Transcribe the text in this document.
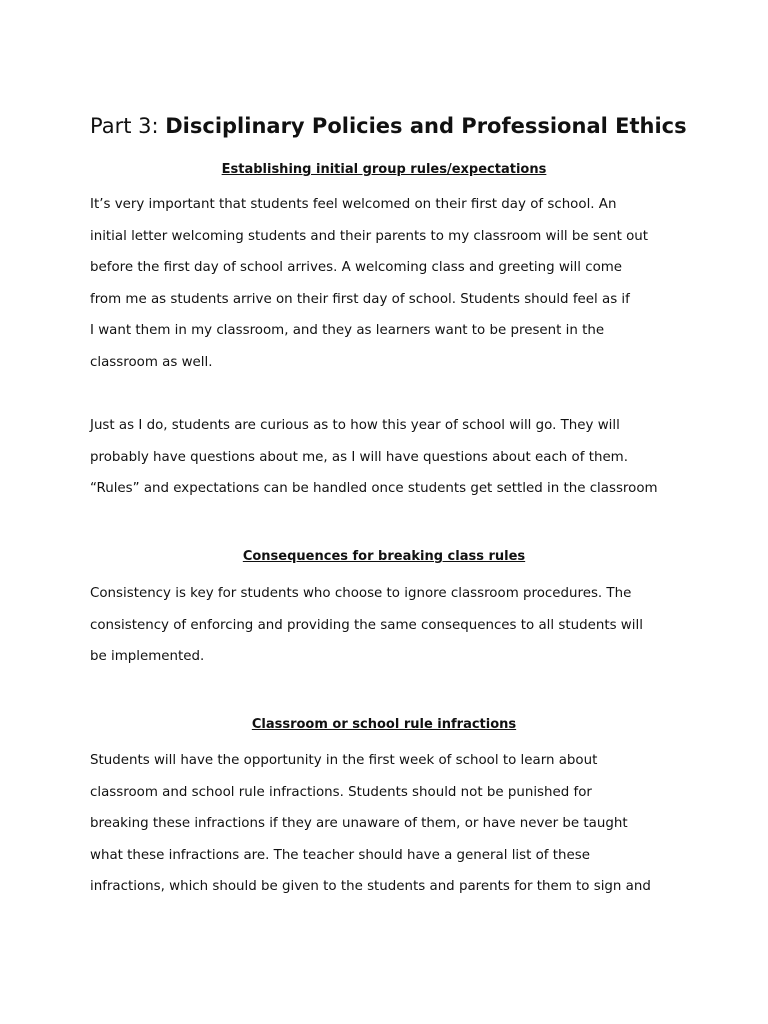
Part 3: Disciplinary Policies and Professional Ethics
Establishing initial group rules/expectations
It’s very important that students feel welcomed on their first day of school. An
initial letter welcoming students and their parents to my classroom will be sent out
before the first day of school arrives. A welcoming class and greeting will come
from me as students arrive on their first day of school. Students should feel as if
I want them in my classroom, and they as learners want to be present in the
classroom as well.
Just as I do, students are curious as to how this year of school will go. They will
probably have questions about me, as I will have questions about each of them.
“Rules” and expectations can be handled once students get settled in the classroom
Consequences for breaking class rules
Consistency is key for students who choose to ignore classroom procedures. The
consistency of enforcing and providing the same consequences to all students will
be implemented.
Classroom or school rule infractions
Students will have the opportunity in the first week of school to learn about
classroom and school rule infractions. Students should not be punished for
breaking these infractions if they are unaware of them, or have never be taught
what these infractions are. The teacher should have a general list of these
infractions, which should be given to the students and parents for them to sign and
